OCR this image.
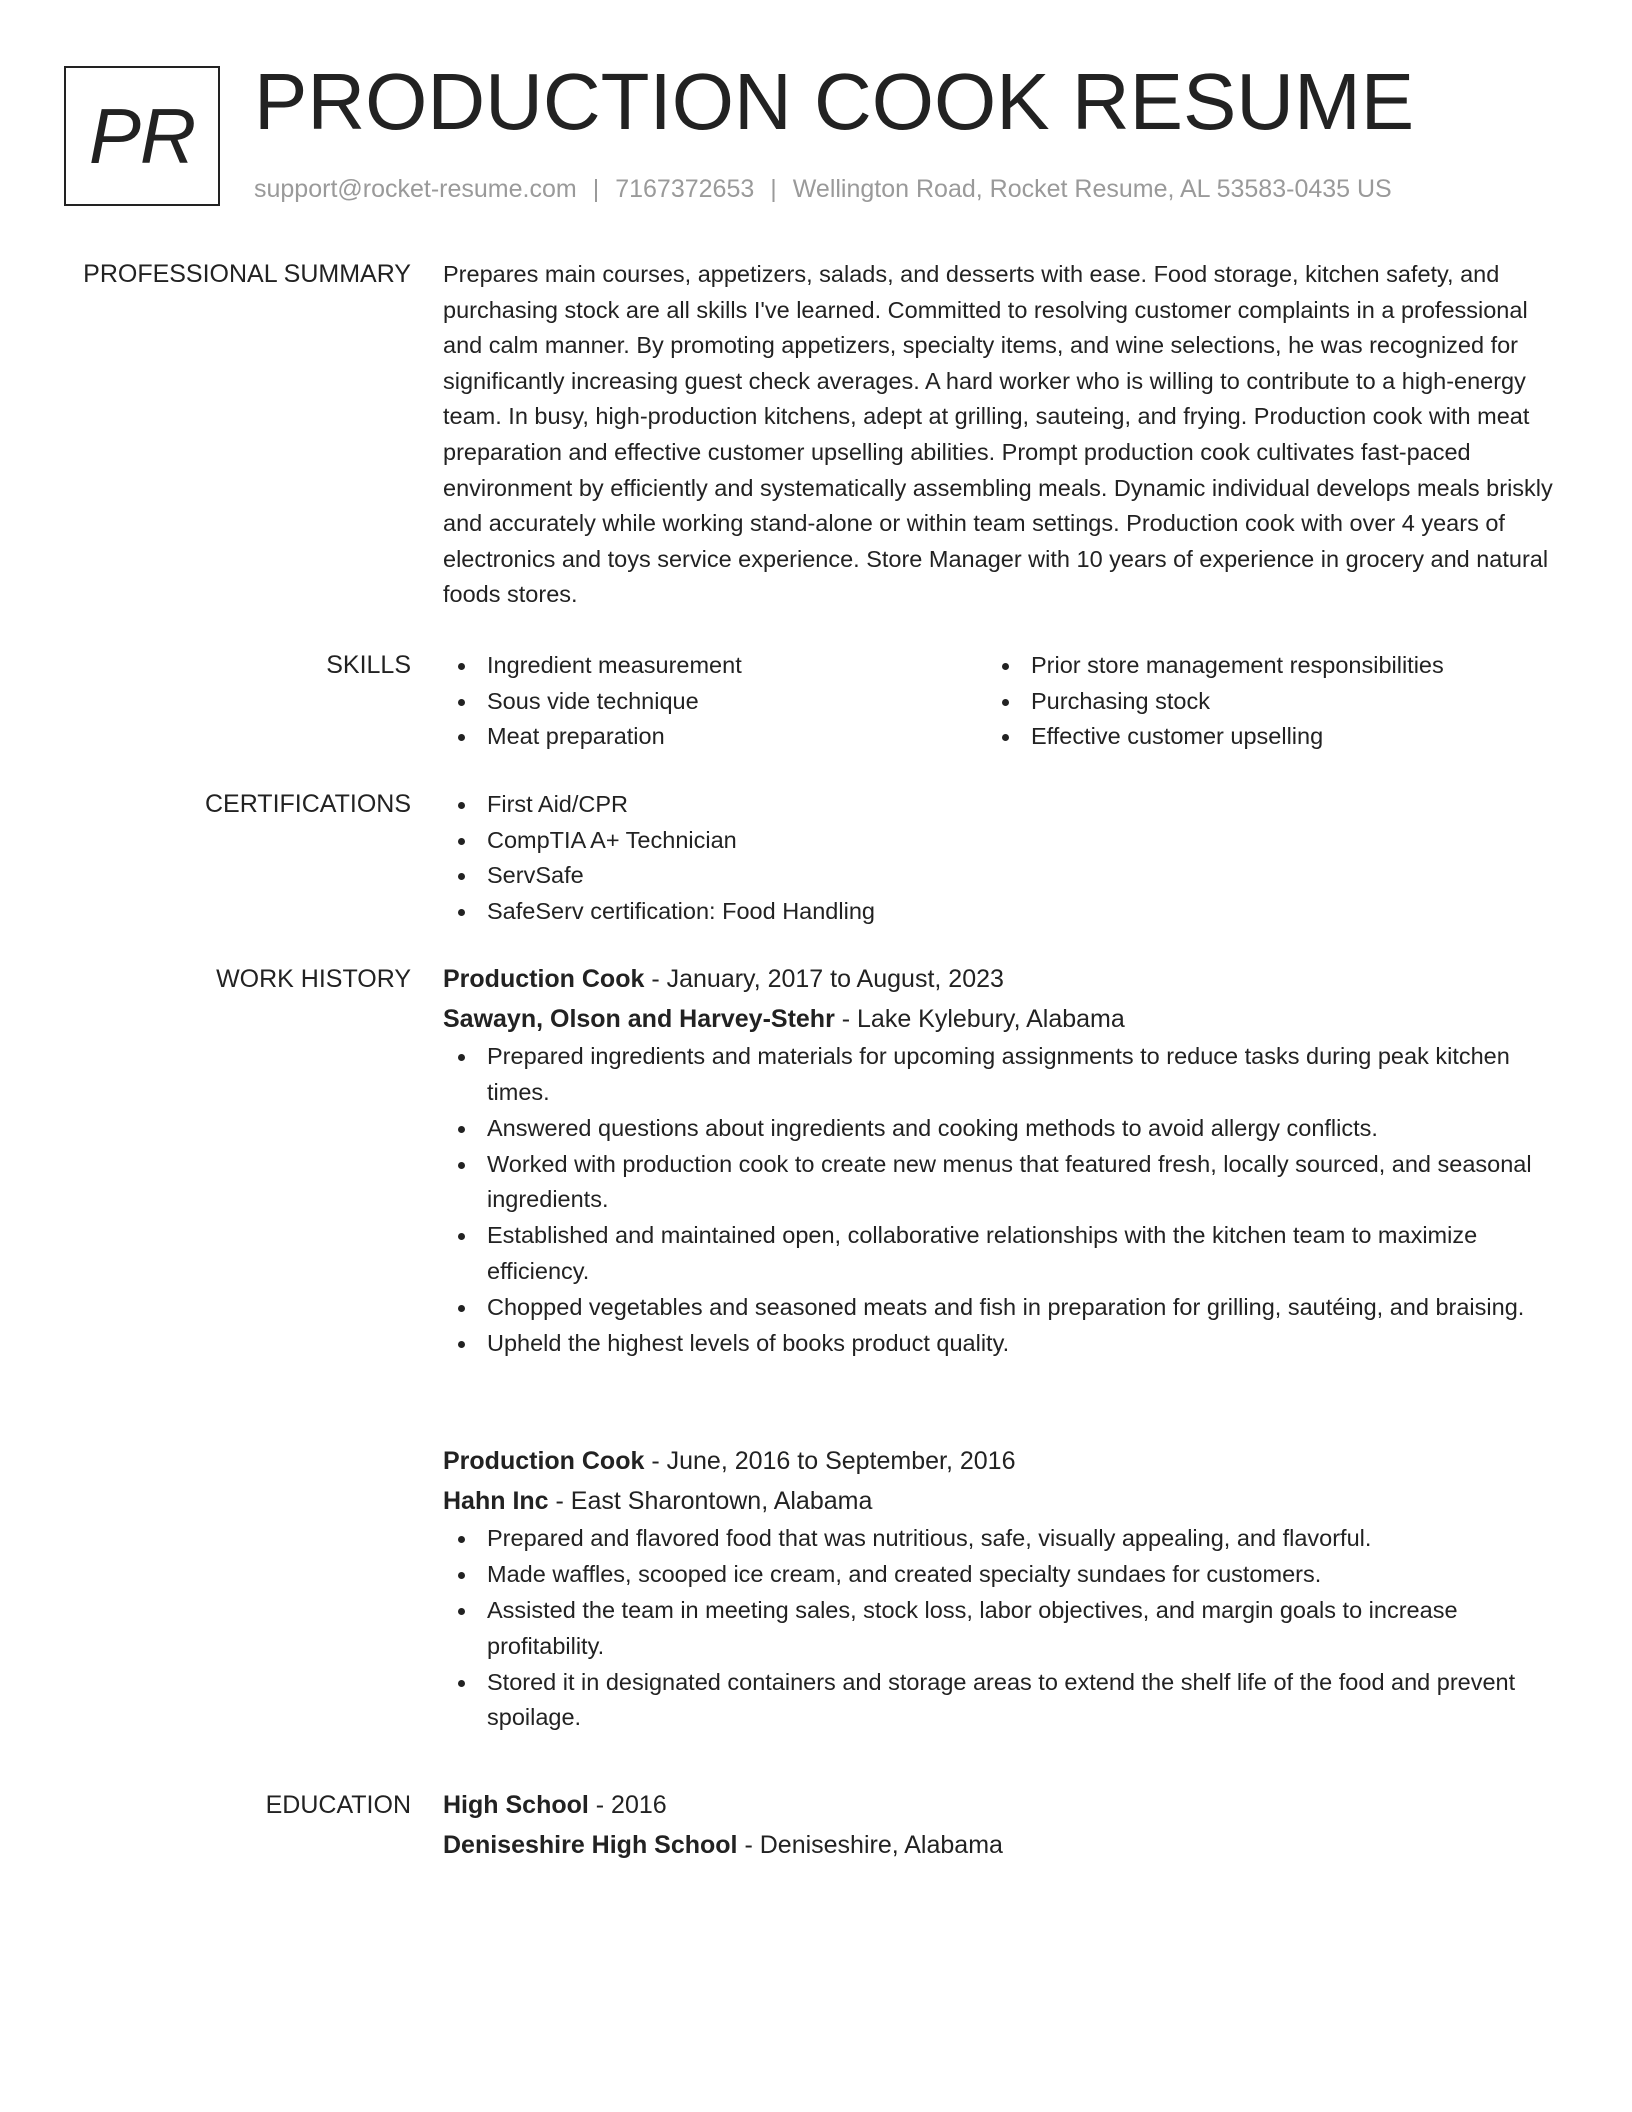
PR PRODUCTION COOK RESUME
support@rocket-resume.com | 7167372653 | Wellington Road, Rocket Resume, AL 53583-0435 US
PROFESSIONAL SUMMARY Prepares main courses, appetizers, salads, and desserts with ease. Food storage, kitchen safety, and purchasing stock are all skills I've learned. Committed to resolving customer complaints in a professional and calm manner. By promoting appetizers, specialty items, and wine selections, he was recognized for significantly increasing guest check averages. A hard worker who is willing to contribute to a high-energy team. In busy, high-production kitchens, adept at grilling, sauteing, and frying. Production cook with meat preparation and effective customer upselling abilities. Prompt production cook cultivates fast-paced environment by efficiently and systematically assembling meals. Dynamic individual develops meals briskly and accurately while working stand-alone or within team settings. Production cook with over 4 years of electronics and toys service experience. Store Manager with 10 years of experience in grocery and natural foods stores.

SKILLS	Ingredient measurement
Sous vide technique
Meat preparation
Prior store management responsibilities
Purchasing stock
Effective customer upselling
CERTIFICATIONS	First Aid/CPR
CompTIA A+ Technician
ServSafe
SafeServ certification: Food Handling
WORK HISTORY Production Cook - January, 2017 to August, 2023
Sawayn, Olson and Harvey-Stehr - Lake Kylebury, Alabama
Prepared ingredients and materials for upcoming assignments to reduce tasks during peak kitchen times.
Answered questions about ingredients and cooking methods to avoid allergy conflicts.
Worked with production cook to create new menus that featured fresh, locally sourced, and seasonal ingredients.
Established and maintained open, collaborative relationships with the kitchen team to maximize efficiency.
Chopped vegetables and seasoned meats and fish in preparation for grilling, sautéing, and braising.
Upheld the highest levels of books product quality.
Production Cook - June, 2016 to September, 2016
Hahn Inc - East Sharontown, Alabama
Prepared and flavored food that was nutritious, safe, visually appealing, and flavorful.
Made waffles, scooped ice cream, and created specialty sundaes for customers.
Assisted the team in meeting sales, stock loss, labor objectives, and margin goals to increase profitability.
Stored it in designated containers and storage areas to extend the shelf life of the food and prevent spoilage.
EDUCATION High School - 2016
Deniseshire High School - Deniseshire, Alabama
